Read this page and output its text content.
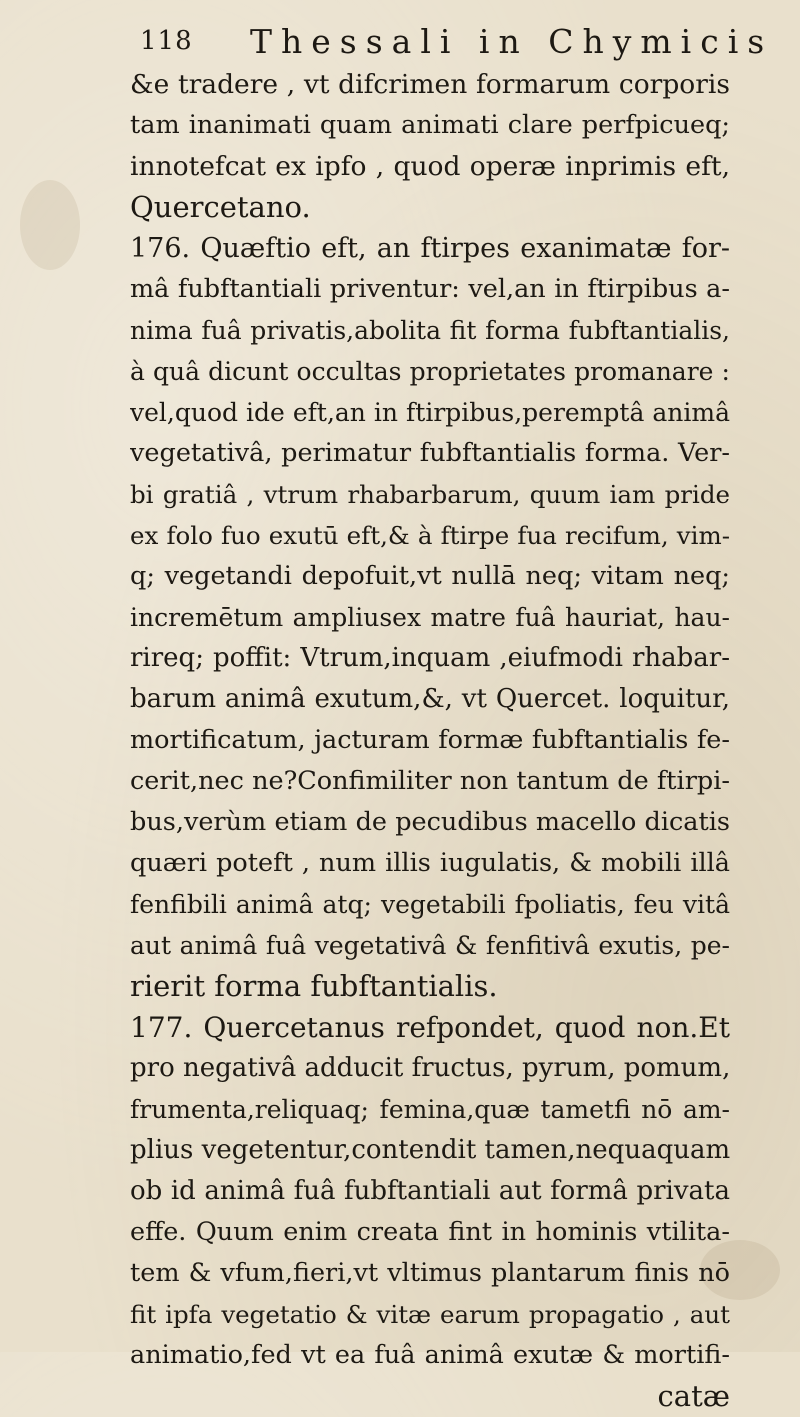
118 Thessali in Chymicis
&e tradere , vt difcrimen formarum corporis
tam inanimati quam animati clare perfpicueq;
innotefcat ex ipfo , quod operæ inprimis eft,
Quercetano.
176. Quæftio eft, an ftirpes exanimatæ for-
mâ fubftantiali priventur: vel,an in ftirpibus a-
nima fuâ privatis,abolita fit forma fubftantialis,
à quâ dicunt occultas proprietates promanare :
vel,quod ide eft,an in ftirpibus,peremptâ animâ
vegetativâ, perimatur fubftantialis forma. Ver-
bi gratiâ , vtrum rhabarbarum, quum iam pride
ex folo fuo exutū eft,& à ftirpe fua recifum, vim-
q; vegetandi depofuit,vt nullā neq; vitam neq;
incremētum ampliusex matre fuâ hauriat, hau-
rireq; poffit: Vtrum,inquam ,eiufmodi rhabar-
barum animâ exutum,&, vt Quercet. loquitur,
mortificatum, jacturam formæ fubftantialis fe-
cerit,nec ne?Confimiliter non tantum de ftirpi-
bus,verùm etiam de pecudibus macello dicatis
quæri poteft , num illis iugulatis, & mobili illâ
fenfibili animâ atq; vegetabili fpoliatis, feu vitâ
aut animâ fuâ vegetativâ & fenfitivâ exutis, pe-
rierit forma fubftantialis.
177. Quercetanus refpondet, quod non.Et
pro negativâ adducit fructus, pyrum, pomum,
frumenta,reliquaq; femina,quæ tametfi nō am-
plius vegetentur,contendit tamen,nequaquam
ob id animâ fuâ fubftantiali aut formâ privata
effe. Quum enim creata fint in hominis vtilita-
tem & vfum,fieri,vt vltimus plantarum finis nō
fit ipfa vegetatio & vitæ earum propagatio , aut
animatio,fed vt ea fuâ animâ exutæ & mortifi-
catæ
